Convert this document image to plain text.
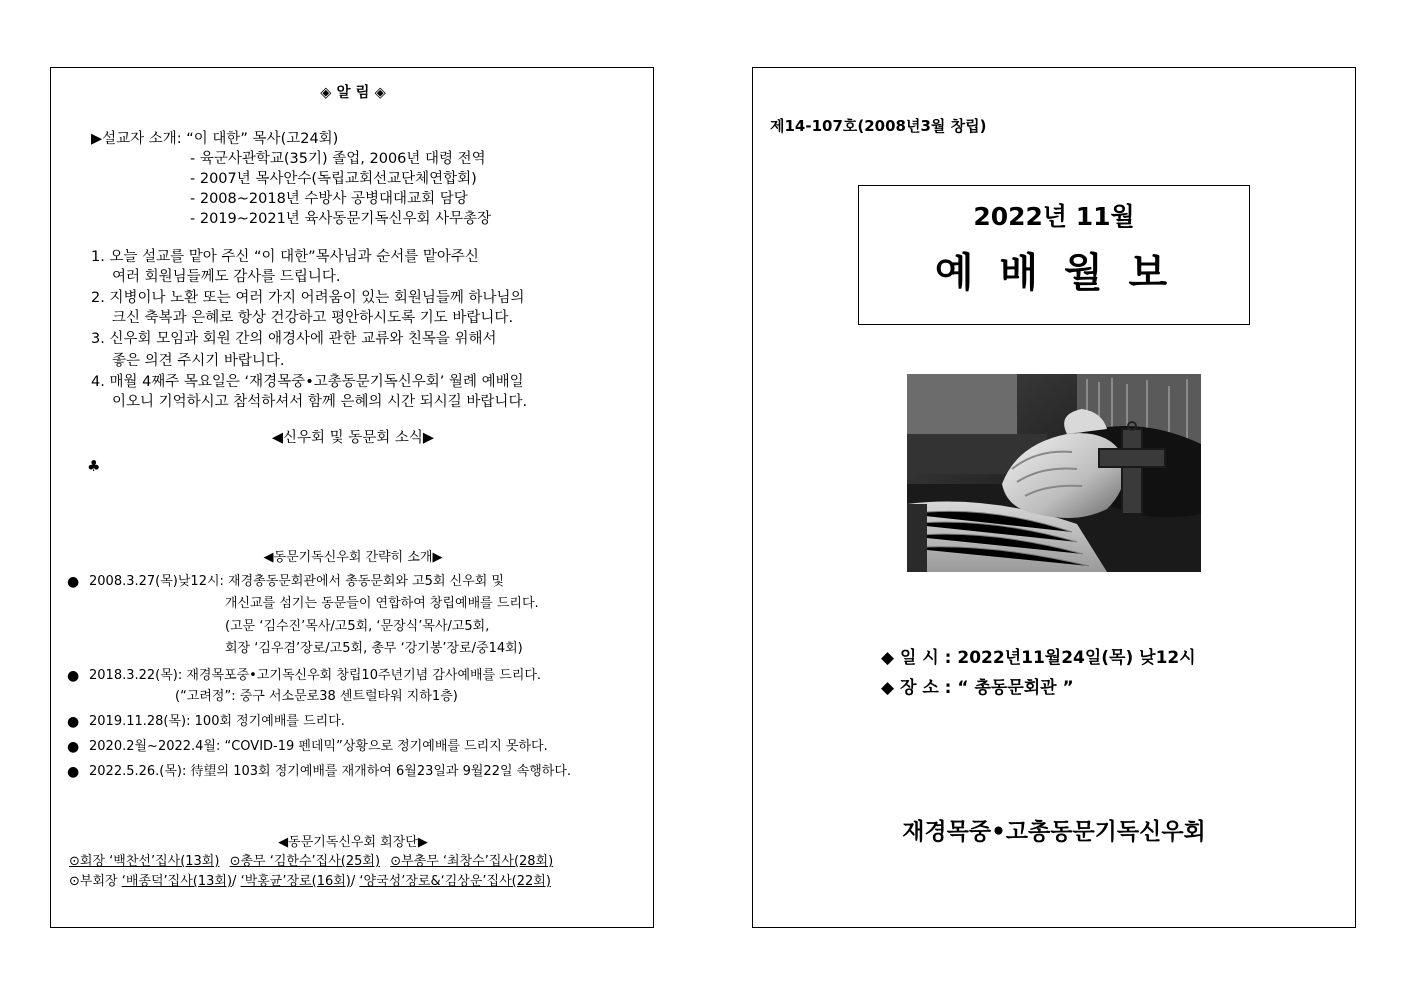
◈ 알 림 ◈
▶설교자 소개: “이 대한” 목사(고24회)
- 육군사관학교(35기) 졸업, 2006년 대령 전역
- 2007년 목사안수(독립교회선교단체연합회)
- 2008~2018년 수방사 공병대대교회 담당
- 2019~2021년 육사동문기독신우회 사무총장
1. 오늘 설교를 맡아 주신 “이 대한”목사님과 순서를 맡아주신
여러 회원님들께도 감사를 드립니다.
2. 지병이나 노환 또는 여러 가지 어려움이 있는 회원님들께 하나님의
크신 축복과 은혜로 항상 건강하고 평안하시도록 기도 바랍니다.
3. 신우회 모임과 회원 간의 애경사에 관한 교류와 친목을 위해서
좋은 의견 주시기 바랍니다.
4. 매월 4째주 목요일은 ‘재경목중•고총동문기독신우회’ 월례 예배일
이오니 기억하시고 참석하셔서 함께 은혜의 시간 되시길 바랍니다.
◀신우회 및 동문회 소식▶
♣
◀동문기독신우회 간략히 소개▶
● 2008.3.27(목)낮12시: 재경총동문회관에서 총동문회와 고5회 신우회 및
개신교를 섬기는 동문들이 연합하여 창립예배를 드리다.
(고문 ‘김수진’목사/고5회, ‘문장식’목사/고5회,
회장 ‘김우겸’장로/고5회, 총무 ‘강기봉’장로/중14회)
● 2018.3.22(목): 재경목포중•고기독신우회 창립10주년기념 감사예배를 드리다.
(“고려정”: 중구 서소문로38 센트럴타워 지하1층)
● 2019.11.28(목): 100회 정기예배를 드리다.
● 2020.2월~2022.4월: “COVID-19 펜데믹”상황으로 정기예배를 드리지 못하다.
● 2022.5.26.(목): 待望의 103회 정기예배를 재개하여 6월23일과 9월22일 속행하다.
◀동문기독신우회 회장단▶
⊙회장 ‘백찬선’집사(13회) ⊙총무 ‘김한수’집사(25회) ⊙부총무 ‘최창수’집사(28회)
⊙부회장 ‘배종덕’집사(13회)/ ‘박홍균’장로(16회)/ ‘양국성’장로&‘김상운’집사(22회)
제14-107호(2008년3월 창립)
2022년 11월
예 배 월 보
◆ 일 시 : 2022년11월24일(목) 낮12시
◆ 장 소 : “ 총동문회관 ”
재경목중•고총동문기독신우회
